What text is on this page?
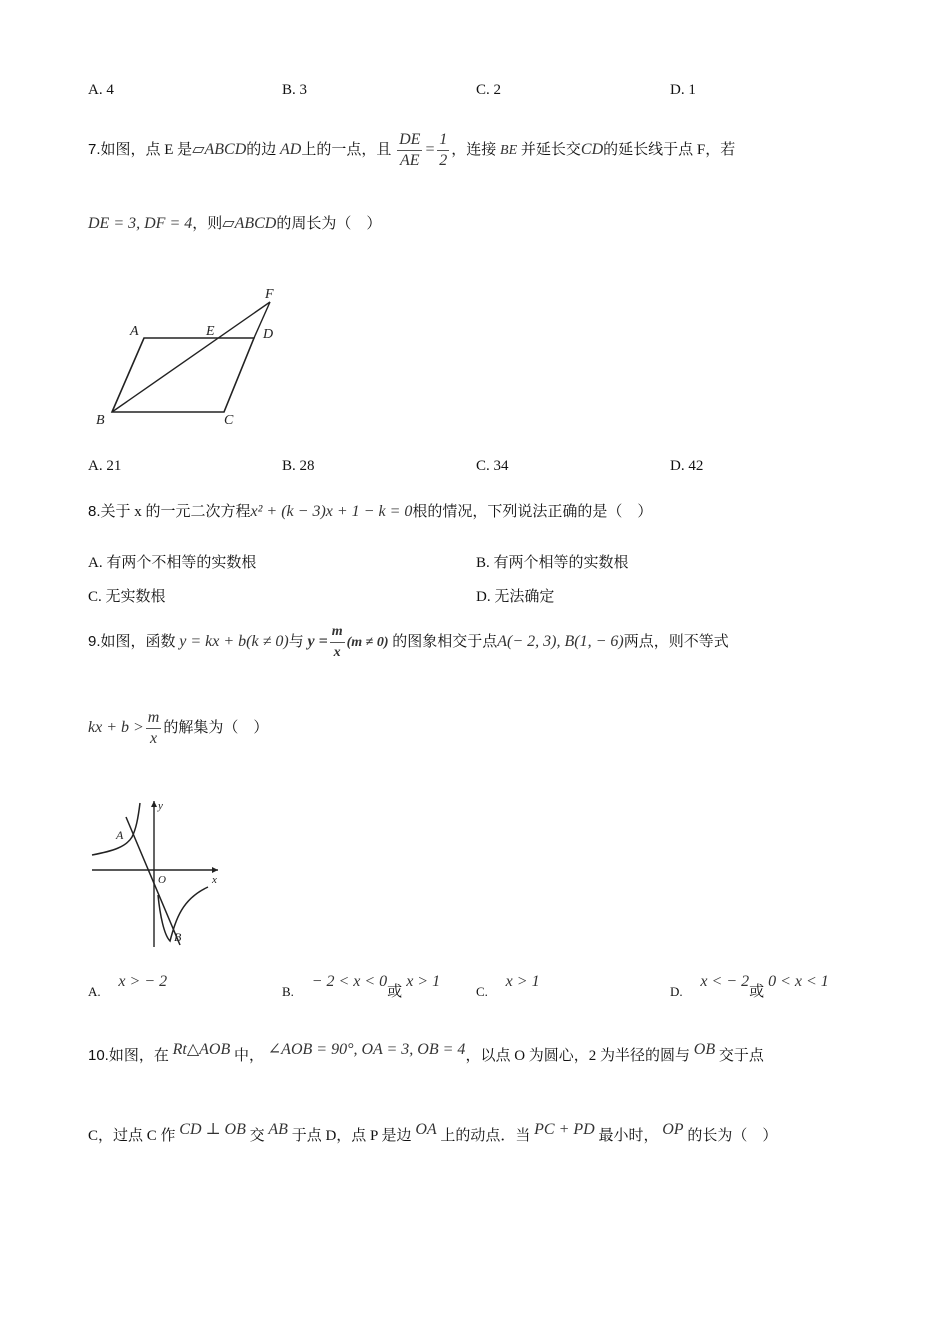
A. 4	B. 3	C. 2	D. 1
7.如图，点 E 是▱ABCD的边 AD上的一点，且 $\frac{DE}{AE} = \frac{1}{2}$ ，连接 BE 并延长交CD的延长线于点 F，若
DE = 3, DF = 4，则▱ABCD的周长为（　）
A	E	D
F
B	C
A. 21	B. 28	C. 34	D. 42
8.关于 x 的一元二次方程x² + (k − 3)x + 1 − k = 0根的情况，下列说法正确的是（　）
A. 有两个不相等的实数根	B. 有两个相等的实数根
C. 无实数根	D. 无法确定
9.如图，函数 y = kx + b(k ≠ 0)与 $y = \frac{m}{x} (m \ne 0)$ 的图象相交于点A(− 2, 3), B(1, − 6)两点，则不等式
kx + $b > \frac{m}{x}$ 的解集为（　）
y
x
O
A
B
A. x > − 2
B. − 2 < x < 0或x > 1
C. x > 1
D. x < − 2或0 < x < 1
10.如图，在 Rt△AOB 中， ∠AOB = 90°, OA = 3, OB = 4，以点 O 为圆心，2 为半径的圆与 OB 交于点
C，过点 C 作 CD ⊥ OB 交 AB 于点 D，点 P 是边 OA 上的动点．当 PC + PD 最小时， OP 的长为（　）
